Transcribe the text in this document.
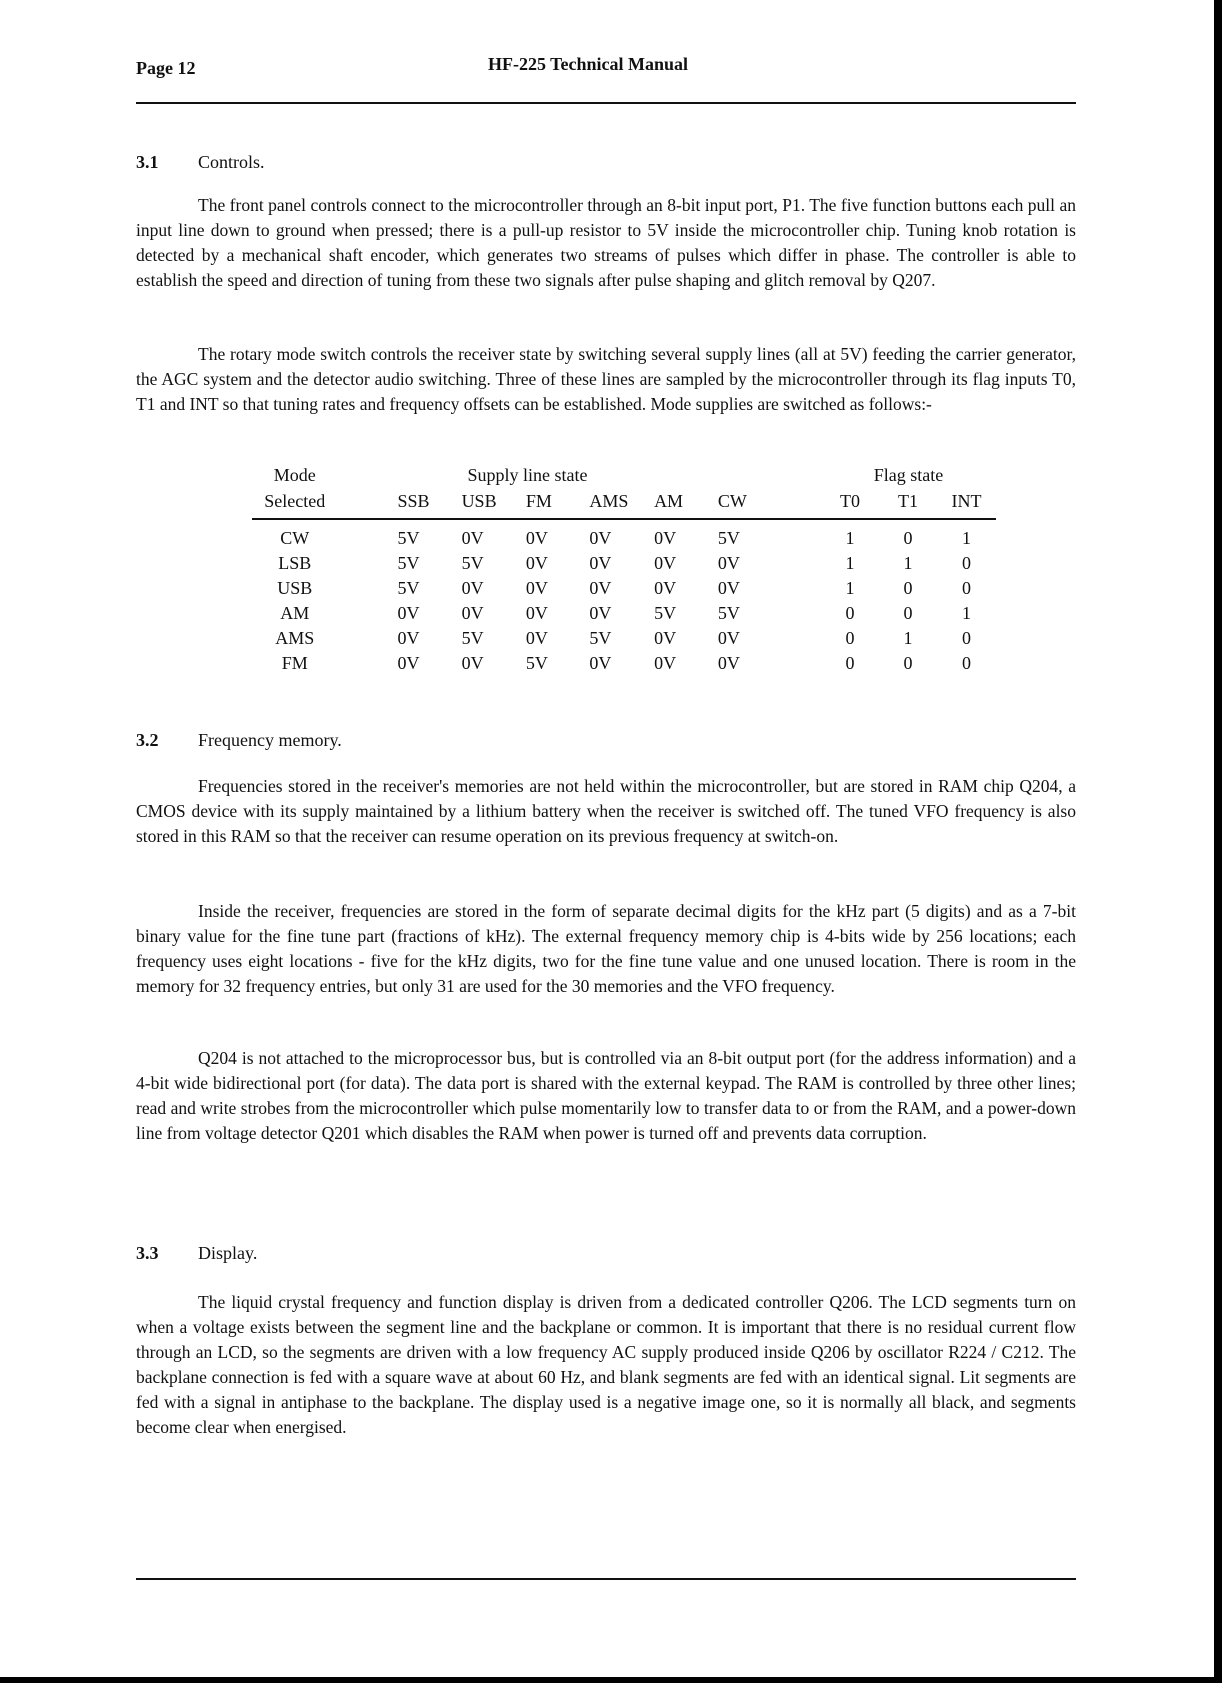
Page 12	HF-225 Technical Manual
3.1 Controls.

The front panel controls connect to the microcontroller through an 8-bit input port, P1. The five function buttons each pull an input line down to ground when pressed; there is a pull-up resistor to 5V inside the microcontroller chip. Tuning knob rotation is detected by a mechanical shaft encoder, which generates two streams of pulses which differ in phase. The controller is able to establish the speed and direction of tuning from these two signals after pulse shaping and glitch removal by Q207.

The rotary mode switch controls the receiver state by switching several supply lines (all at 5V) feeding the carrier generator, the AGC system and the detector audio switching. Three of these lines are sampled by the microcontroller through its flag inputs T0, T1 and INT so that tuning rates and frequency offsets can be established. Mode supplies are switched as follows:-

Mode		Supply line state							Flag state		
Selected		SSB	USB	FM	AMS	AM	CW		T0	T1	INT
CW		5V	0V	0V	0V	0V	5V		1	0	1
LSB		5V	5V	0V	0V	0V	0V		1	1	0
USB		5V	0V	0V	0V	0V	0V		1	0	0
AM		0V	0V	0V	0V	5V	5V		0	0	1
AMS		0V	5V	0V	5V	0V	0V		0	1	0
FM		0V	0V	5V	0V	0V	0V		0	0	0
3.2 Frequency memory.

Frequencies stored in the receiver's memories are not held within the microcontroller, but are stored in RAM chip Q204, a CMOS device with its supply maintained by a lithium battery when the receiver is switched off. The tuned VFO frequency is also stored in this RAM so that the receiver can resume operation on its previous frequency at switch-on.

Inside the receiver, frequencies are stored in the form of separate decimal digits for the kHz part (5 digits) and as a 7-bit binary value for the fine tune part (fractions of kHz). The external frequency memory chip is 4-bits wide by 256 locations; each frequency uses eight locations - five for the kHz digits, two for the fine tune value and one unused location. There is room in the memory for 32 frequency entries, but only 31 are used for the 30 memories and the VFO frequency.

Q204 is not attached to the microprocessor bus, but is controlled via an 8-bit output port (for the address information) and a 4-bit wide bidirectional port (for data). The data port is shared with the external keypad. The RAM is controlled by three other lines; read and write strobes from the microcontroller which pulse momentarily low to transfer data to or from the RAM, and a power-down line from voltage detector Q201 which disables the RAM when power is turned off and prevents data corruption.

3.3 Display.

The liquid crystal frequency and function display is driven from a dedicated controller Q206. The LCD segments turn on when a voltage exists between the segment line and the backplane or common. It is important that there is no residual current flow through an LCD, so the segments are driven with a low frequency AC supply produced inside Q206 by oscillator R224 / C212. The backplane connection is fed with a square wave at about 60 Hz, and blank segments are fed with an identical signal. Lit segments are fed with a signal in antiphase to the backplane. The display used is a negative image one, so it is normally all black, and segments become clear when energised.
